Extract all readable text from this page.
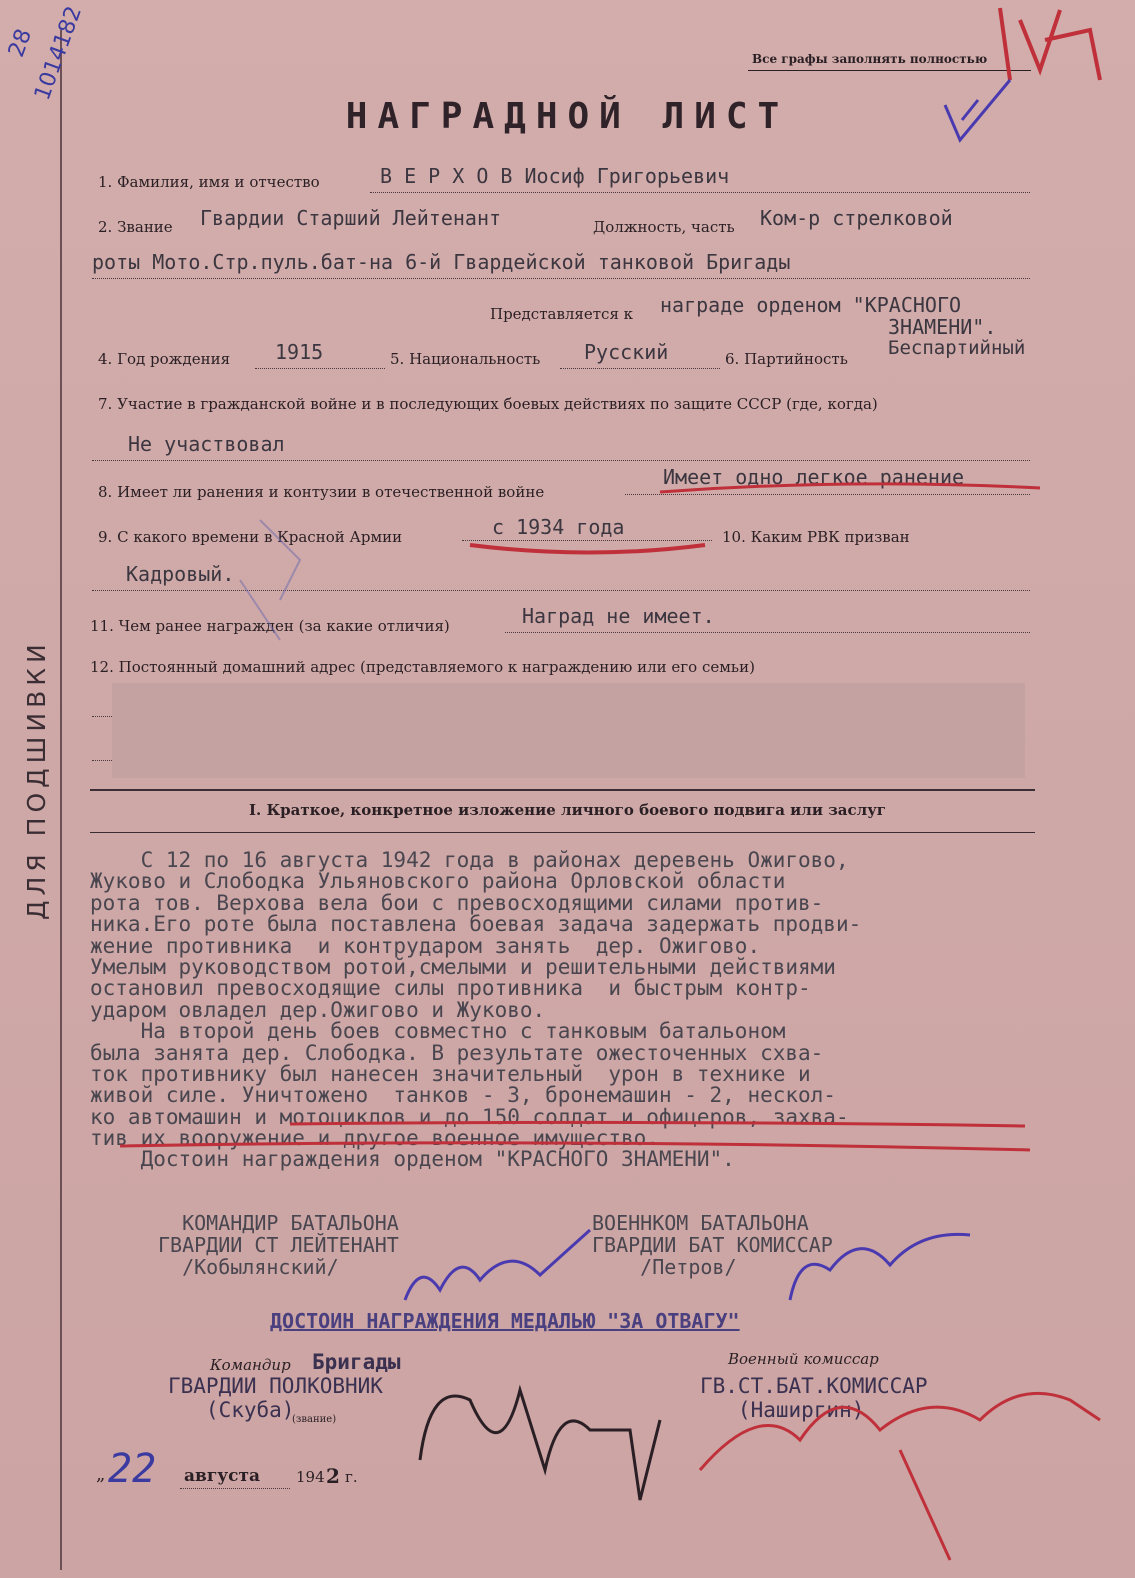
ДЛЯ ПОДШИВКИ
28
1014182	Все графы заполнять полностью
НАГРАДНОЙ ЛИСТ
1. Фамилия, имя и отчество	В Е Р Х О В Иосиф Григорьевич
2. Звание Гвардии Старший Лейтенант	Должность, часть Ком-р стрелковой
роты Мото.Стр.пуль.бат-на 6-й Гвардейской танковой Бригады
Представляется к награде орденом "КРАСНОГО
ЗНАМЕНИ".
4. Год рождения 1915	5. Национальность Русский	6. Партийность Беспартийный
7. Участие в гражданской войне и в последующих боевых действиях по защите СССР (где, когда)
Не участвовал
8. Имеет ли ранения и контузии в отечественной войне
Имеет одно легкое ранение
9. С какого времени в Красной Армии	с 1934 года	10. Каким РВК призван
Кадровый.
11. Чем ранее награжден (за какие отличия)	Наград не имеет.
12. Постоянный домашний адрес (представляемого к награждению или его семьи)
I. Краткое, конкретное изложение личного боевого подвига или заслуг
С 12 по 16 августа 1942 года в районах деревень Ожигово,
Жуково и Слободка Ульяновского района Орловской области
рота тов. Верхова вела бои с превосходящими силами против-
ника.Его роте была поставлена боевая задача задержать продви-
жение противника  и контрударом занять  дер. Ожигово.
Умелым руководством ротой,смелыми и решительными действиями
остановил превосходящие силы противника  и быстрым контр-
ударом овладел дер.Ожигово и Жуково.
На второй день боев совместно с танковым батальоном
была занята дер. Слободка. В результате ожесточенных схва-
ток противнику был нанесен значительный  урон в технике и
живой силе. Уничтожено  танков - 3, бронемашин - 2, нескол-
ко автомашин и мотоциклов и до 150 солдат и офицеров, захва-
тив их вооружение и другое военное имущество.
Достоин награждения орденом "КРАСНОГО ЗНАМЕНИ".
КОМАНДИР БАТАЛЬОНА
ГВАРДИИ СТ ЛЕЙТЕНАНТ
/Кобылянский/
ВОЕННКОМ БАТАЛЬОНА
ГВАРДИИ БАТ КОМИССАР
/Петров/
ДОСТОИН НАГРАЖДЕНИЯ МЕДАЛЬЮ "ЗА ОТВАГУ"
Командир Бригады
ГВАРДИИ ПОЛКОВНИК
(Скуба)
(звание)
Военный комиссар
ГВ.СТ.БАТ.КОМИССАР
(Наширгин)
„ 22 августа 194 2 г.
